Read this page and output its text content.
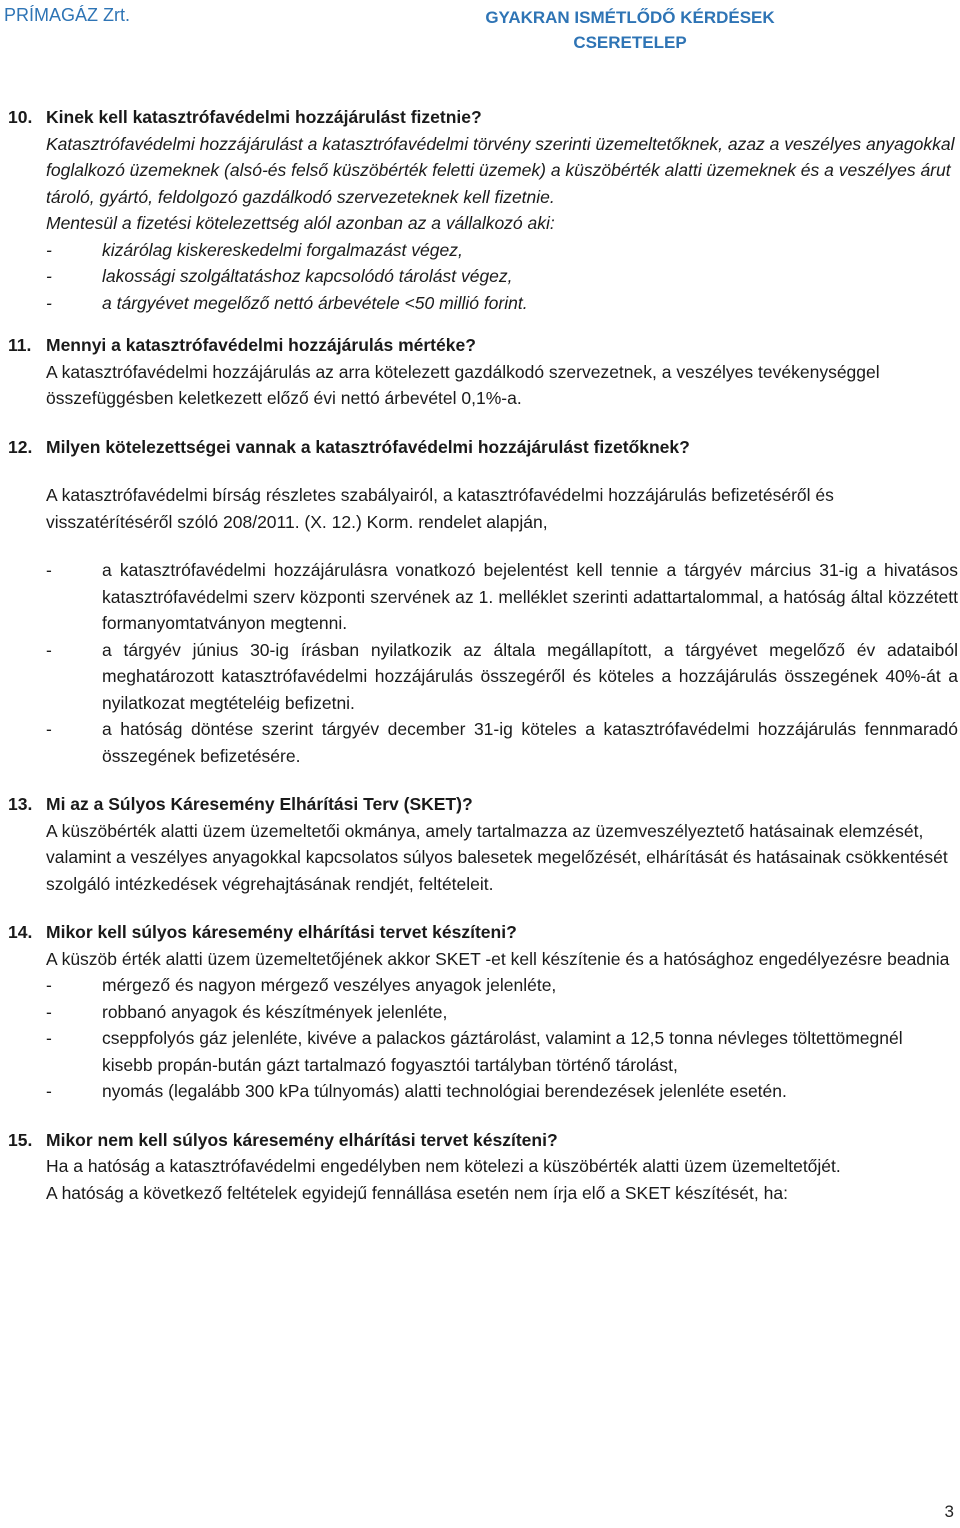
PRÍMAGÁZ Zrt.	GYAKRAN ISMÉTLŐDŐ KÉRDÉSEK
CSERETELEP
10. Kinek kell katasztrófavédelmi hozzájárulást fizetnie?

Katasztrófavédelmi hozzájárulást a katasztrófavédelmi törvény szerinti üzemeltetőknek, azaz a veszélyes anyagokkal foglalkozó üzemeknek (alsó-és felső küszöbérték feletti üzemek) a küszöbérték alatti üzemeknek és a veszélyes árut tároló, gyártó, feldolgozó gazdálkodó szervezeteknek kell fizetnie.

Mentesül a fizetési kötelezettség alól azonban az a vállalkozó aki:

-	kizárólag kiskereskedelmi forgalmazást végez,
-	lakossági szolgáltatáshoz kapcsolódó tárolást végez,
-	a tárgyévet megelőző nettó árbevétele <50 millió forint.
11. Mennyi a katasztrófavédelmi hozzájárulás mértéke?

A katasztrófavédelmi hozzájárulás az arra kötelezett gazdálkodó szervezetnek, a veszélyes tevékenységgel összefüggésben keletkezett előző évi nettó árbevétel 0,1%-a.

12. Milyen kötelezettségei vannak a katasztrófavédelmi hozzájárulást fizetőknek?

A katasztrófavédelmi bírság részletes szabályairól, a katasztrófavédelmi hozzájárulás befizetéséről és visszatérítéséről szóló 208/2011. (X. 12.) Korm. rendelet alapján,

-	a katasztrófavédelmi hozzájárulásra vonatkozó bejelentést kell tennie a tárgyév március 31-ig a hivatásos katasztrófavédelmi szerv központi szervének az 1. melléklet szerinti adattartalommal, a hatóság által közzétett formanyomtatványon megtenni.
-	a tárgyév június 30-ig írásban nyilatkozik az általa megállapított, a tárgyévet megelőző év adataiból meghatározott katasztrófavédelmi hozzájárulás összegéről és köteles a hozzájárulás összegének 40%-át a nyilatkozat megtételéig befizetni.
-	a hatóság döntése szerint tárgyév december 31-ig köteles a katasztrófavédelmi hozzájárulás fennmaradó összegének befizetésére.
13. Mi az a Súlyos Káresemény Elhárítási Terv (SKET)?

A küszöbérték alatti üzem üzemeltetői okmánya, amely tartalmazza az üzemveszélyeztető hatásainak elemzését, valamint a veszélyes anyagokkal kapcsolatos súlyos balesetek megelőzését, elhárítását és hatásainak csökkentését szolgáló intézkedések végrehajtásának rendjét, feltételeit.

14. Mikor kell súlyos káresemény elhárítási tervet készíteni?

A küszöb érték alatti üzem üzemeltetőjének akkor SKET -et kell készítenie és a hatósághoz engedélyezésre beadnia

-	mérgező és nagyon mérgező veszélyes anyagok jelenléte,
-	robbanó anyagok és készítmények jelenléte,
-	cseppfolyós gáz jelenléte, kivéve a palackos gáztárolást, valamint a 12,5 tonna névleges töltettömegnél kisebb propán-bután gázt tartalmazó fogyasztói tartályban történő tárolást,
-	nyomás (legalább 300 kPa túlnyomás) alatti technológiai berendezések jelenléte esetén.
15. Mikor nem kell súlyos káresemény elhárítási tervet készíteni?

Ha a hatóság a katasztrófavédelmi engedélyben nem kötelezi a küszöbérték alatti üzem üzemeltetőjét.

A hatóság a következő feltételek egyidejű fennállása esetén nem írja elő a SKET készítését, ha:

3
